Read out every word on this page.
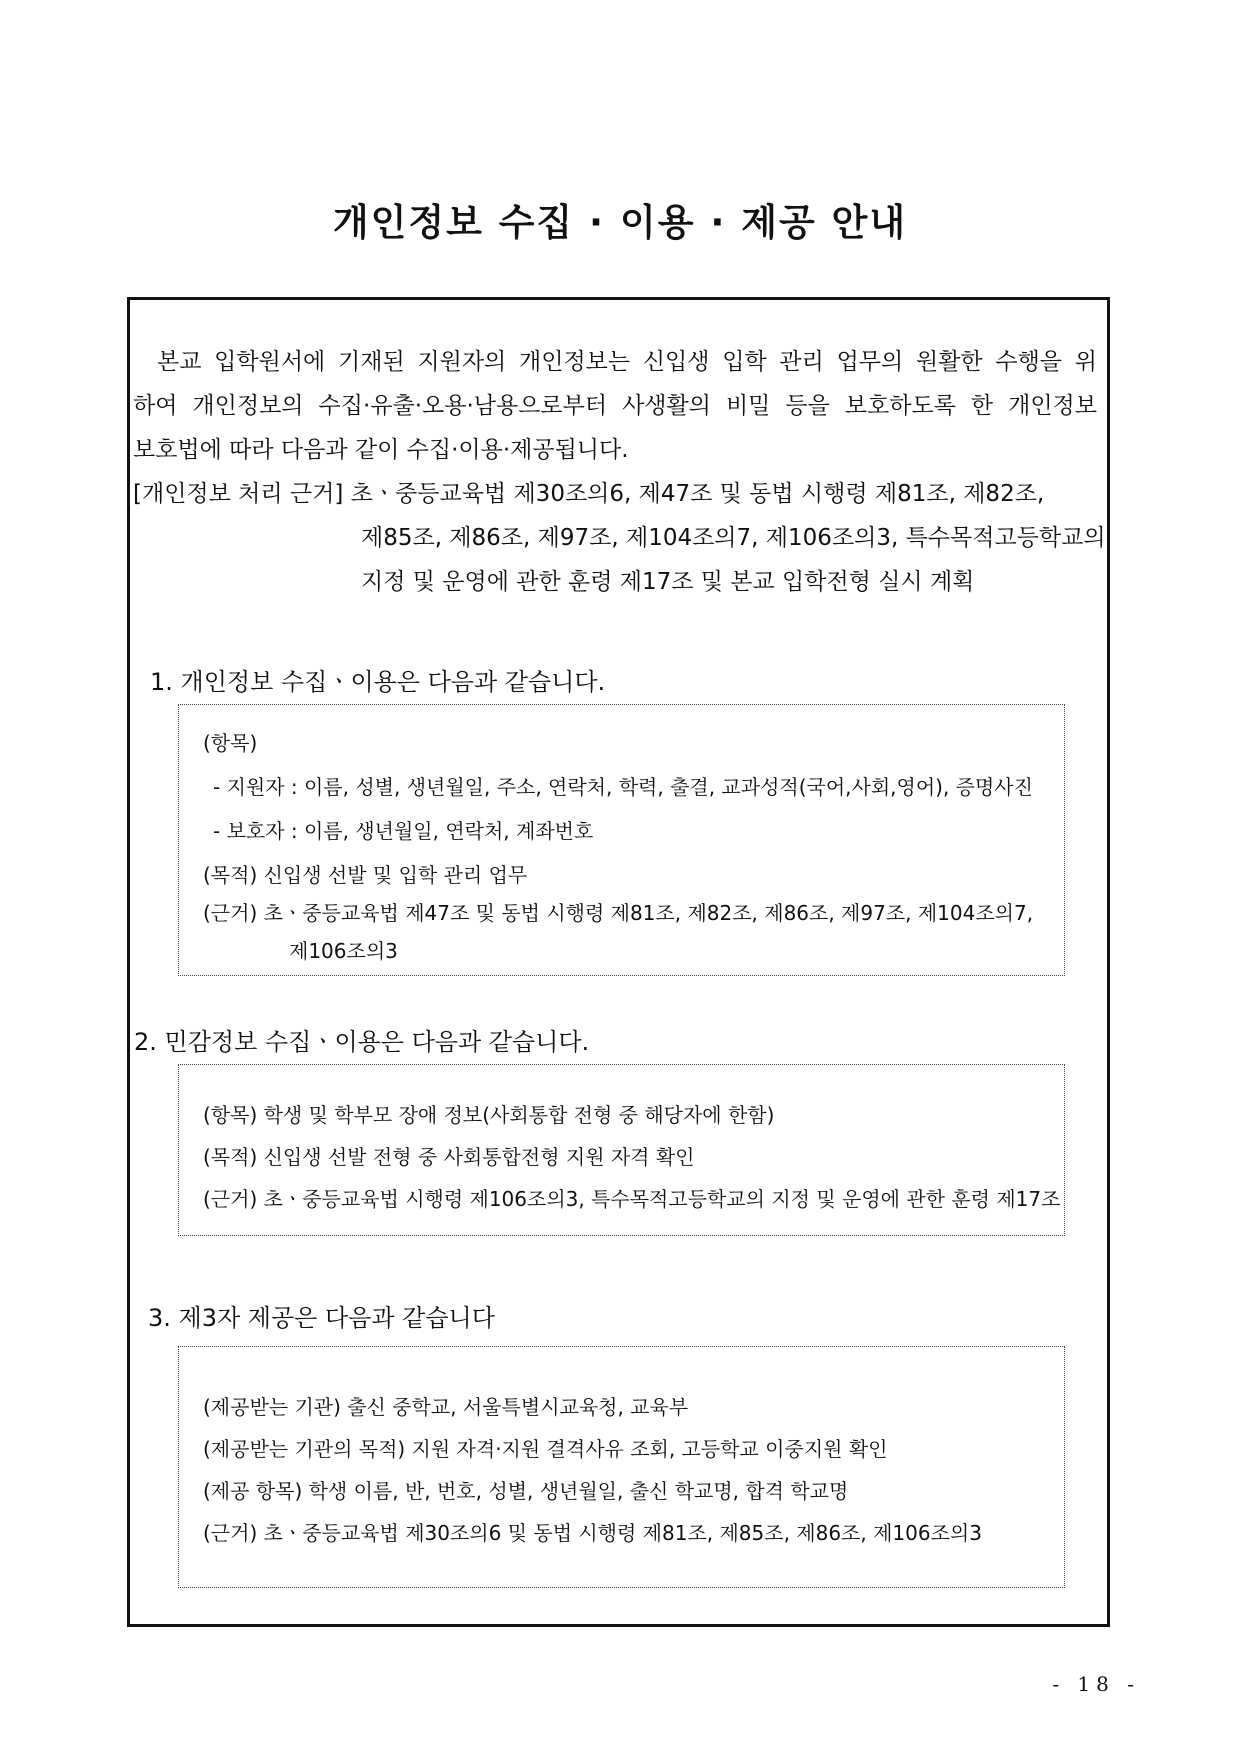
개인정보 수집 · 이용 · 제공 안내
본교 입학원서에 기재된 지원자의 개인정보는 신입생 입학 관리 업무의 원활한 수행을 위
하여 개인정보의 수집·유출·오용·남용으로부터 사생활의 비밀 등을 보호하도록 한 개인정보
보호법에 따라 다음과 같이 수집·이용·제공됩니다.
[개인정보 처리 근거] 초ㆍ중등교육법 제30조의6, 제47조 및 동법 시행령 제81조, 제82조,
제85조, 제86조, 제97조, 제104조의7, 제106조의3, 특수목적고등학교의
지정 및 운영에 관한 훈령 제17조 및 본교 입학전형 실시 계획
1. 개인정보 수집ㆍ이용은 다음과 같습니다.
(항목)
- 지원자 : 이름, 성별, 생년월일, 주소, 연락처, 학력, 출결, 교과성적(국어,사회,영어), 증명사진
- 보호자 : 이름, 생년월일, 연락처, 계좌번호
(목적) 신입생 선발 및 입학 관리 업무
(근거) 초ㆍ중등교육법 제47조 및 동법 시행령 제81조, 제82조, 제86조, 제97조, 제104조의7,
제106조의3
2. 민감정보 수집ㆍ이용은 다음과 같습니다.
(항목) 학생 및 학부모 장애 정보(사회통합 전형 중 해당자에 한함)
(목적) 신입생 선발 전형 중 사회통합전형 지원 자격 확인
(근거) 초ㆍ중등교육법 시행령 제106조의3, 특수목적고등학교의 지정 및 운영에 관한 훈령 제17조
3. 제3자 제공은 다음과 같습니다
(제공받는 기관) 출신 중학교, 서울특별시교육청, 교육부
(제공받는 기관의 목적) 지원 자격·지원 결격사유 조회, 고등학교 이중지원 확인
(제공 항목) 학생 이름, 반, 번호, 성별, 생년월일, 출신 학교명, 합격 학교명
(근거) 초ㆍ중등교육법 제30조의6 및 동법 시행령 제81조, 제85조, 제86조, 제106조의3
- 18 -
